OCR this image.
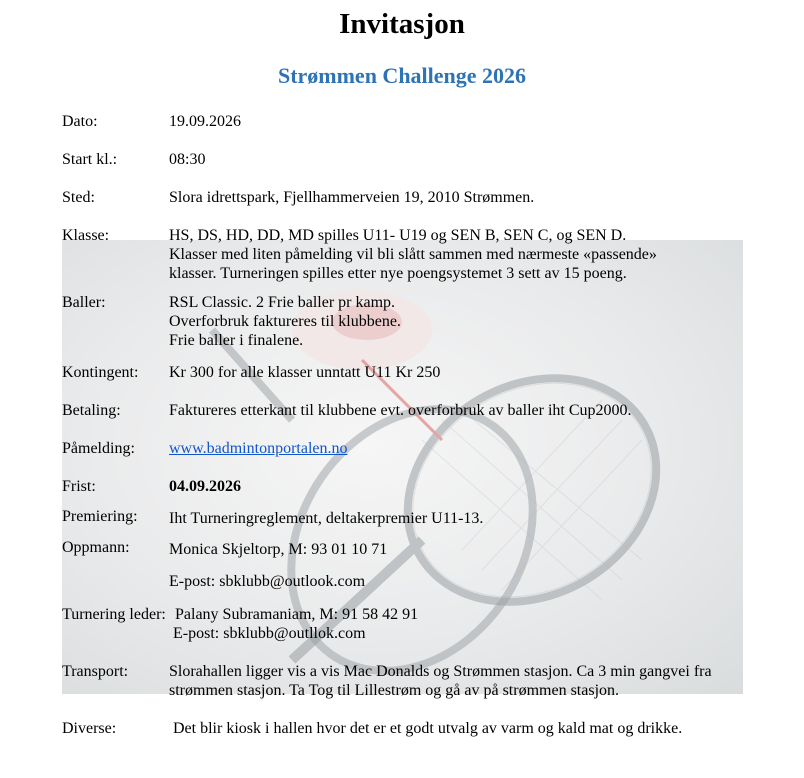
Invitasjon
Strømmen Challenge 2026
Dato:	19.09.2026
Start kl.:	08:30
Sted:	Slora idrettspark, Fjellhammerveien 19, 2010 Strømmen.
Klasse:	HS, DS, HD, DD, MD spilles U11- U19 og SEN B, SEN C, og SEN D.
Klasser med liten påmelding vil bli slått sammen med nærmeste «passende»
klasser. Turneringen spilles etter nye poengsystemet 3 sett av 15 poeng.
Baller:	RSL Classic. 2 Frie baller pr kamp.
Overforbruk faktureres til klubbene.
Frie baller i finalene.
Kontingent: Kr 300 for alle klasser unntatt U11 Kr 250
Betaling:	Faktureres etterkant til klubbene evt. overforbruk av baller iht Cup2000.
Påmelding: www.badmintonportalen.no
Frist:	04.09.2026
Premiering: Iht Turneringreglement, deltakerpremier U11-13.
Oppmann: Monica Skjeltorp, M: 93 01 10 71
E-post: sbklubb@outlook.com
Turnering leder: Palany Subramaniam, M: 91 58 42 91
E-post: sbklubb@outllok.com
Transport:	Slorahallen ligger vis a vis Mac Donalds og Strømmen stasjon. Ca 3 min gangvei fra
strømmen stasjon. Ta Tog til Lillestrøm og gå av på strømmen stasjon.
Diverse:	Det blir kiosk i hallen hvor det er et godt utvalg av varm og kald mat og drikke.
